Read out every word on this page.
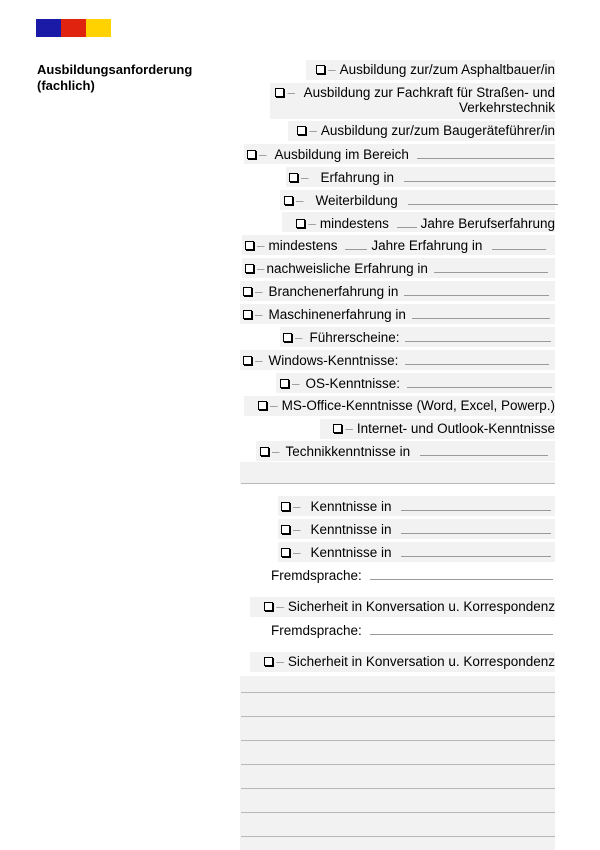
Ausbildungsanforderung (fachlich)
– Ausbildung zur/zum Asphaltbauer/in
– Ausbildung zur Fachkraft für Straßen- und Verkehrstechnik
– Ausbildung zur/zum Baugeräteführer/in
– Ausbildung im Bereich
– Erfahrung in
– Weiterbildung
– mindestens Jahre Berufserfahrung
– mindestens	Jahre Erfahrung in
– nachweisliche Erfahrung in
– Branchenerfahrung in
– Maschinenerfahrung in
– Führerscheine:
– Windows-Kenntnisse:
– OS-Kenntnisse:
– MS-Office-Kenntnisse (Word, Excel, Powerp.)
– Internet- und Outlook-Kenntnisse
– Technikkenntnisse in
– Kenntnisse in
– Kenntnisse in
– Kenntnisse in
Fremdsprache:
– Sicherheit in Konversation u. Korrespondenz
Fremdsprache:
– Sicherheit in Konversation u. Korrespondenz
